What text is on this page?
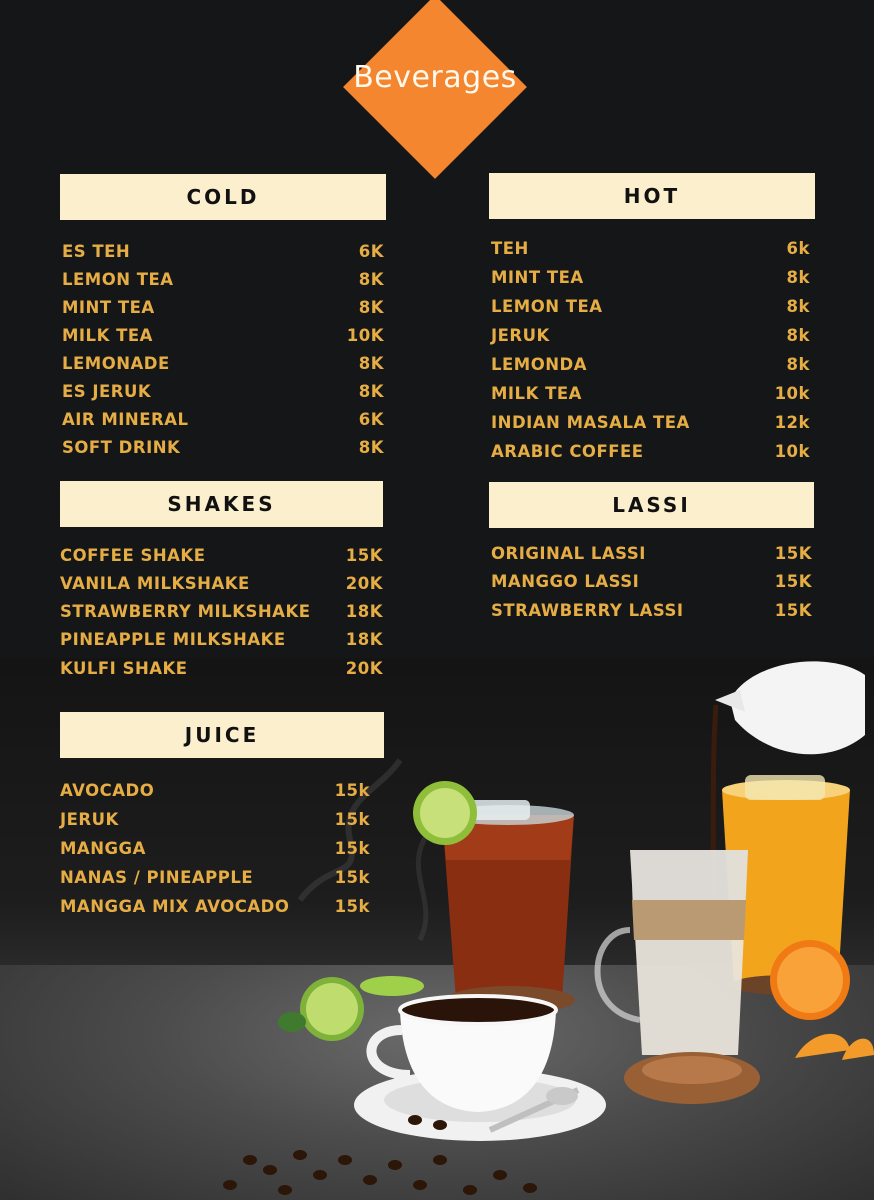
Beverages
COLD
ES TEH	6K
LEMON TEA	8K
MINT TEA	8K
MILK TEA	10K
LEMONADE	8K
ES JERUK	8K
AIR MINERAL	6K
SOFT DRINK	8K
HOT
TEH	6k
MINT TEA	8k
LEMON TEA	8k
JERUK	8k
LEMONDA	8k
MILK TEA	10k
INDIAN MASALA TEA	12k
ARABIC COFFEE	10k
SHAKES
COFFEE SHAKE	15K
VANILA MILKSHAKE	20K
STRAWBERRY MILKSHAKE 18K
PINEAPPLE MILKSHAKE	18K
KULFI SHAKE	20K
LASSI
ORIGINAL LASSI	15K
MANGGO LASSI	15K
STRAWBERRY LASSI	15K
JUICE
AVOCADO	15k
JERUK	15k
MANGGA	15k
NANAS / PINEAPPLE	15k
MANGGA MIX AVOCADO	15k
